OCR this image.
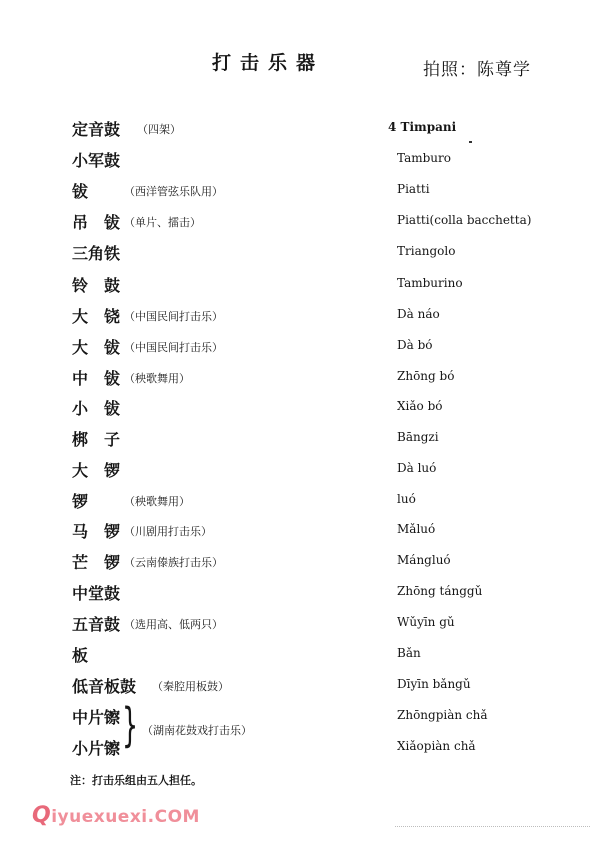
打击乐器	拍照：陈尊学
定音鼓 （四架）	4 Timpani
小军鼓	Tamburo
钹	（西洋管弦乐队用）	Piatti
吊　钹 （单片、擂击）	Piatti(colla bacchetta)
三角铁	Triangolo
铃　鼓	Tamburino
大　铙 （中国民间打击乐）	Dà náo
大　钹 （中国民间打击乐）	Dà bó
中　钹 （秧歌舞用）	Zhōng bó
小　钹	Xiǎo bó
梆　子	Bāngzi
大　锣	Dà luó
锣	（秧歌舞用）	luó
马　锣 （川剧用打击乐）	Mǎluó
芒　锣 （云南傣族打击乐）	Mángluó
中堂鼓	Zhōng tánggǔ
五音鼓 （选用高、低两只）	Wǔyīn gǔ
板	Bǎn
低音板鼓 （秦腔用板鼓）	Dīyīn bǎngǔ
中片镲	Zhōngpiàn chǎ
小片镲	Xiǎopiàn chǎ
} （湖南花鼓戏打击乐）
注：打击乐组由五人担任。
Qiyuexuexi.COM
